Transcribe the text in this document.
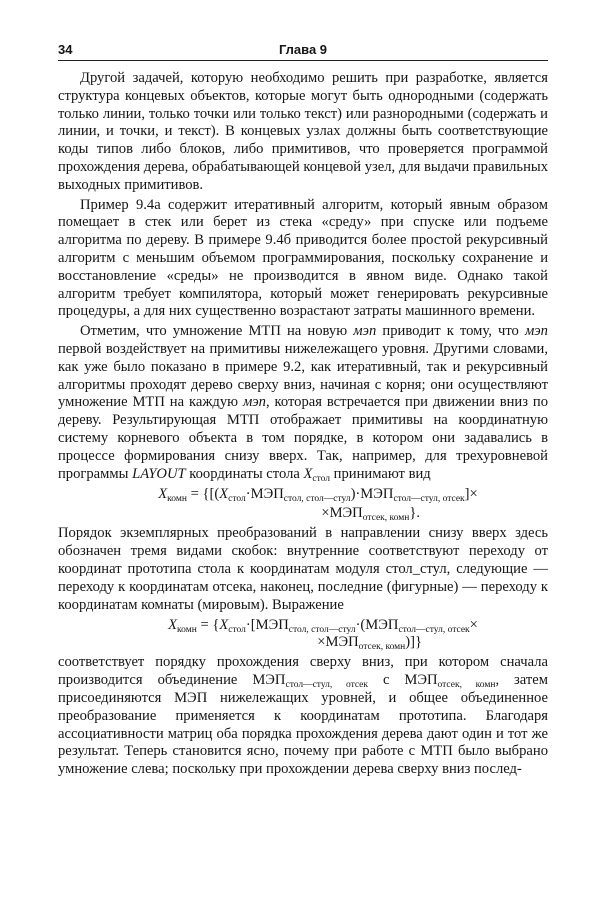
34	Глава 9

Другой задачей, которую необходимо решить при разработке, является структура концевых объектов, которые могут быть однородными (содержать только линии, только точки или только текст) или разнородными (содержать и линии, и точки, и текст). В концевых узлах должны быть соответствующие коды типов либо блоков, либо примитивов, что проверяется программой прохождения дерева, обрабатывающей концевой узел, для выдачи правильных выходных примитивов.

Пример 9.4а содержит итеративный алгоритм, который явным образом помещает в стек или берет из стека «среду» при спуске или подъеме алгоритма по дереву. В примере 9.4б приводится более простой рекурсивный алгоритм с меньшим объемом программирования, поскольку сохранение и восстановление «среды» не производится в явном виде. Однако такой алгоритм требует компилятора, который может генерировать рекурсивные процедуры, а для них существенно возрастают затраты машинного времени.

Отметим, что умножение МТП на новую мэп приводит к тому, что мэп первой воздействует на примитивы нижележащего уровня. Другими словами, как уже было показано в примере 9.2, как итеративный, так и рекурсивный алгоритмы проходят дерево сверху вниз, начиная с корня; они осуществляют умножение МТП на каждую мэп, которая встречается при движении вниз по дереву. Результирующая МТП отображает примитивы на координатную систему корневого объекта в том порядке, в котором они задавались в процессе формирования снизу вверх. Так, например, для трехуровневой программы LAYOUT координаты стола $X_{стол}$ принимают вид

$X_{комн} = \{[(X_{стол}\cdot МЭП_{стол, стол—стул})\cdot МЭП_{стол—стул, отсек}]\times$
$\times МЭП_{отсек, комн}$}.

Порядок экземплярных преобразований в направлении снизу вверх здесь обозначен тремя видами скобок: внутренние соответствуют переходу от координат прототипа стола к координатам модуля стол_стул, следующие — переходу к координатам отсека, наконец, последние (фигурные) — переходу к координатам комнаты (мировым). Выражение

$X_{комн} = \{X_{стол}\cdot[МЭП_{стол, стол—стул}\cdot(МЭП_{стол—стул, отсек}\times$
$\times МЭП_{отсек, комн}$)]}

соответствует порядку прохождения сверху вниз, при котором сначала производится объединение $МЭП_{стол—стул, отсек}$ с $МЭП_{отсек, комн}$, затем присоединяются МЭП нижележащих уровней, и общее объединенное преобразование применяется к координатам прототипа. Благодаря ассоциативности матриц оба порядка прохождения дерева дают один и тот же результат. Теперь становится ясно, почему при работе с МТП было выбрано умножение слева; поскольку при прохождении дерева сверху вниз послед-
